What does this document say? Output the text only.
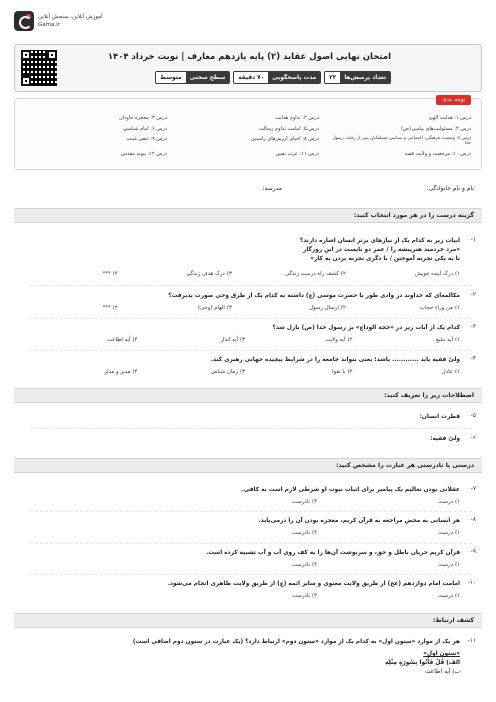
آموزش آنلاین، سنجش آنلاین
Gama.ir
امتحان نهایی اصول عقاید (۲) پایه یازدهم معارف | نوبت خرداد ۱۴۰۴
تعداد پرسش‌ها
۲۲
مدت پاسخگویی
۷۰ دقیقه
سطح سختی
متوسط
توجه بندی
درس ۱: هدایت الهی
درس ۲: تداوم هدایت
درس ۳: معجزه جاودان
درس ۴: مسئولیت‌های پیامبر (ص)
درس ۵: امامت تداوم رسالت
درس ۶: امام شناسی
درس ۷: وضعیت فرهنگی، اجتماعی و سیاسی مسلمانان پس از رحلت رسول خدا
درس ۸: احیای ارزش‌های راستین
درس ۹: عصر غیبت
درس ۱۰: مرجعیت و ولایت فقیه
درس ۱۱: عزت نفس
درس ۱۲: پیوند مقدس
نام و نام خانوادگی:
مدرسه:
گزینه درست را در هر مورد انتخاب کنید:
۱-
ابیات زیر به کدام یک از نیازهای برتر انسان اشاره دارند؟
«مرد خردمند هنرپیشه را / عمر دو بایست در این روزگار
تا به یکی تجربه آموختن / با دگری تجربه بردن به کار»
۱)
درک آینده خویش
۲)
کشف راه درست زندگی
۳)
درک هدف زندگی
۴)
***
۲-
مکالمه‌ای که خداوند در وادی طور با حضرت موسی (ع) داشته به کدام یک از طرق وحی صورت پذیرفت؟
۱)
من وراء حجاب
۲)
ارسال رسول
۳)
الهام (وحی)
۴)
***
۳-
کدام یک از آیات زیر در «حجة الوداع» بر رسول خدا (ص) نازل شد؟
۱)
آیه تبلیغ
۲)
آیه ولایت
۳)
آیه انذار
۴)
آیه اطاعت
۴-
ولیّ فقیه باید ............ باشد؛ یعنی بتواند جامعه را در شرایط پیچیده جهانی رهبری کند.
۱)
عادل
۲)
با تقوا
۳)
زمان شناس
۴)
مدیر و مدبّر
اصطلاحات زیر را تعریف کنید:
۵-
فطرت انسان:
۶-
ولیّ فقیه:
درستی یا نادرستی هر عبارت را مشخص کنید:
۷-
عقلانی بودن تعالیم یک پیامبر برای اثبات نبوت او شرطی لازم است نه کافی.
۱)
درست
۲)
نادرست
۸-
هر انسانی به محض مراجعه به قرآن کریم، معجزه بودن آن را درمی‌یابد.
۱)
درست
۲)
نادرست
۹-
قرآن کریم جریان باطل و حق، و سرنوشت آن‌ها را به کف روی آب و آب تشبیه کرده است.
۱)
درست
۲)
نادرست
۱۰-
امامت امام دوازدهم (عج) از طریق ولایت معنوی و سایر ائمه (ع) از طریق ولایت ظاهری انجام می‌شود.
۱)
درست
۲)
نادرست
کشف ارتباط:
۱۱-
هر یک از موارد «ستون اول» به کدام یک از موارد «ستون دوم» ارتباط دارد؟ (یک عبارت در ستون دوم اضافی است)
«ستون اول»
الف) قُلْ فَأْتُوا بِسُورَةٍ مِثْلِهِ
ب) آیه اطاعت
